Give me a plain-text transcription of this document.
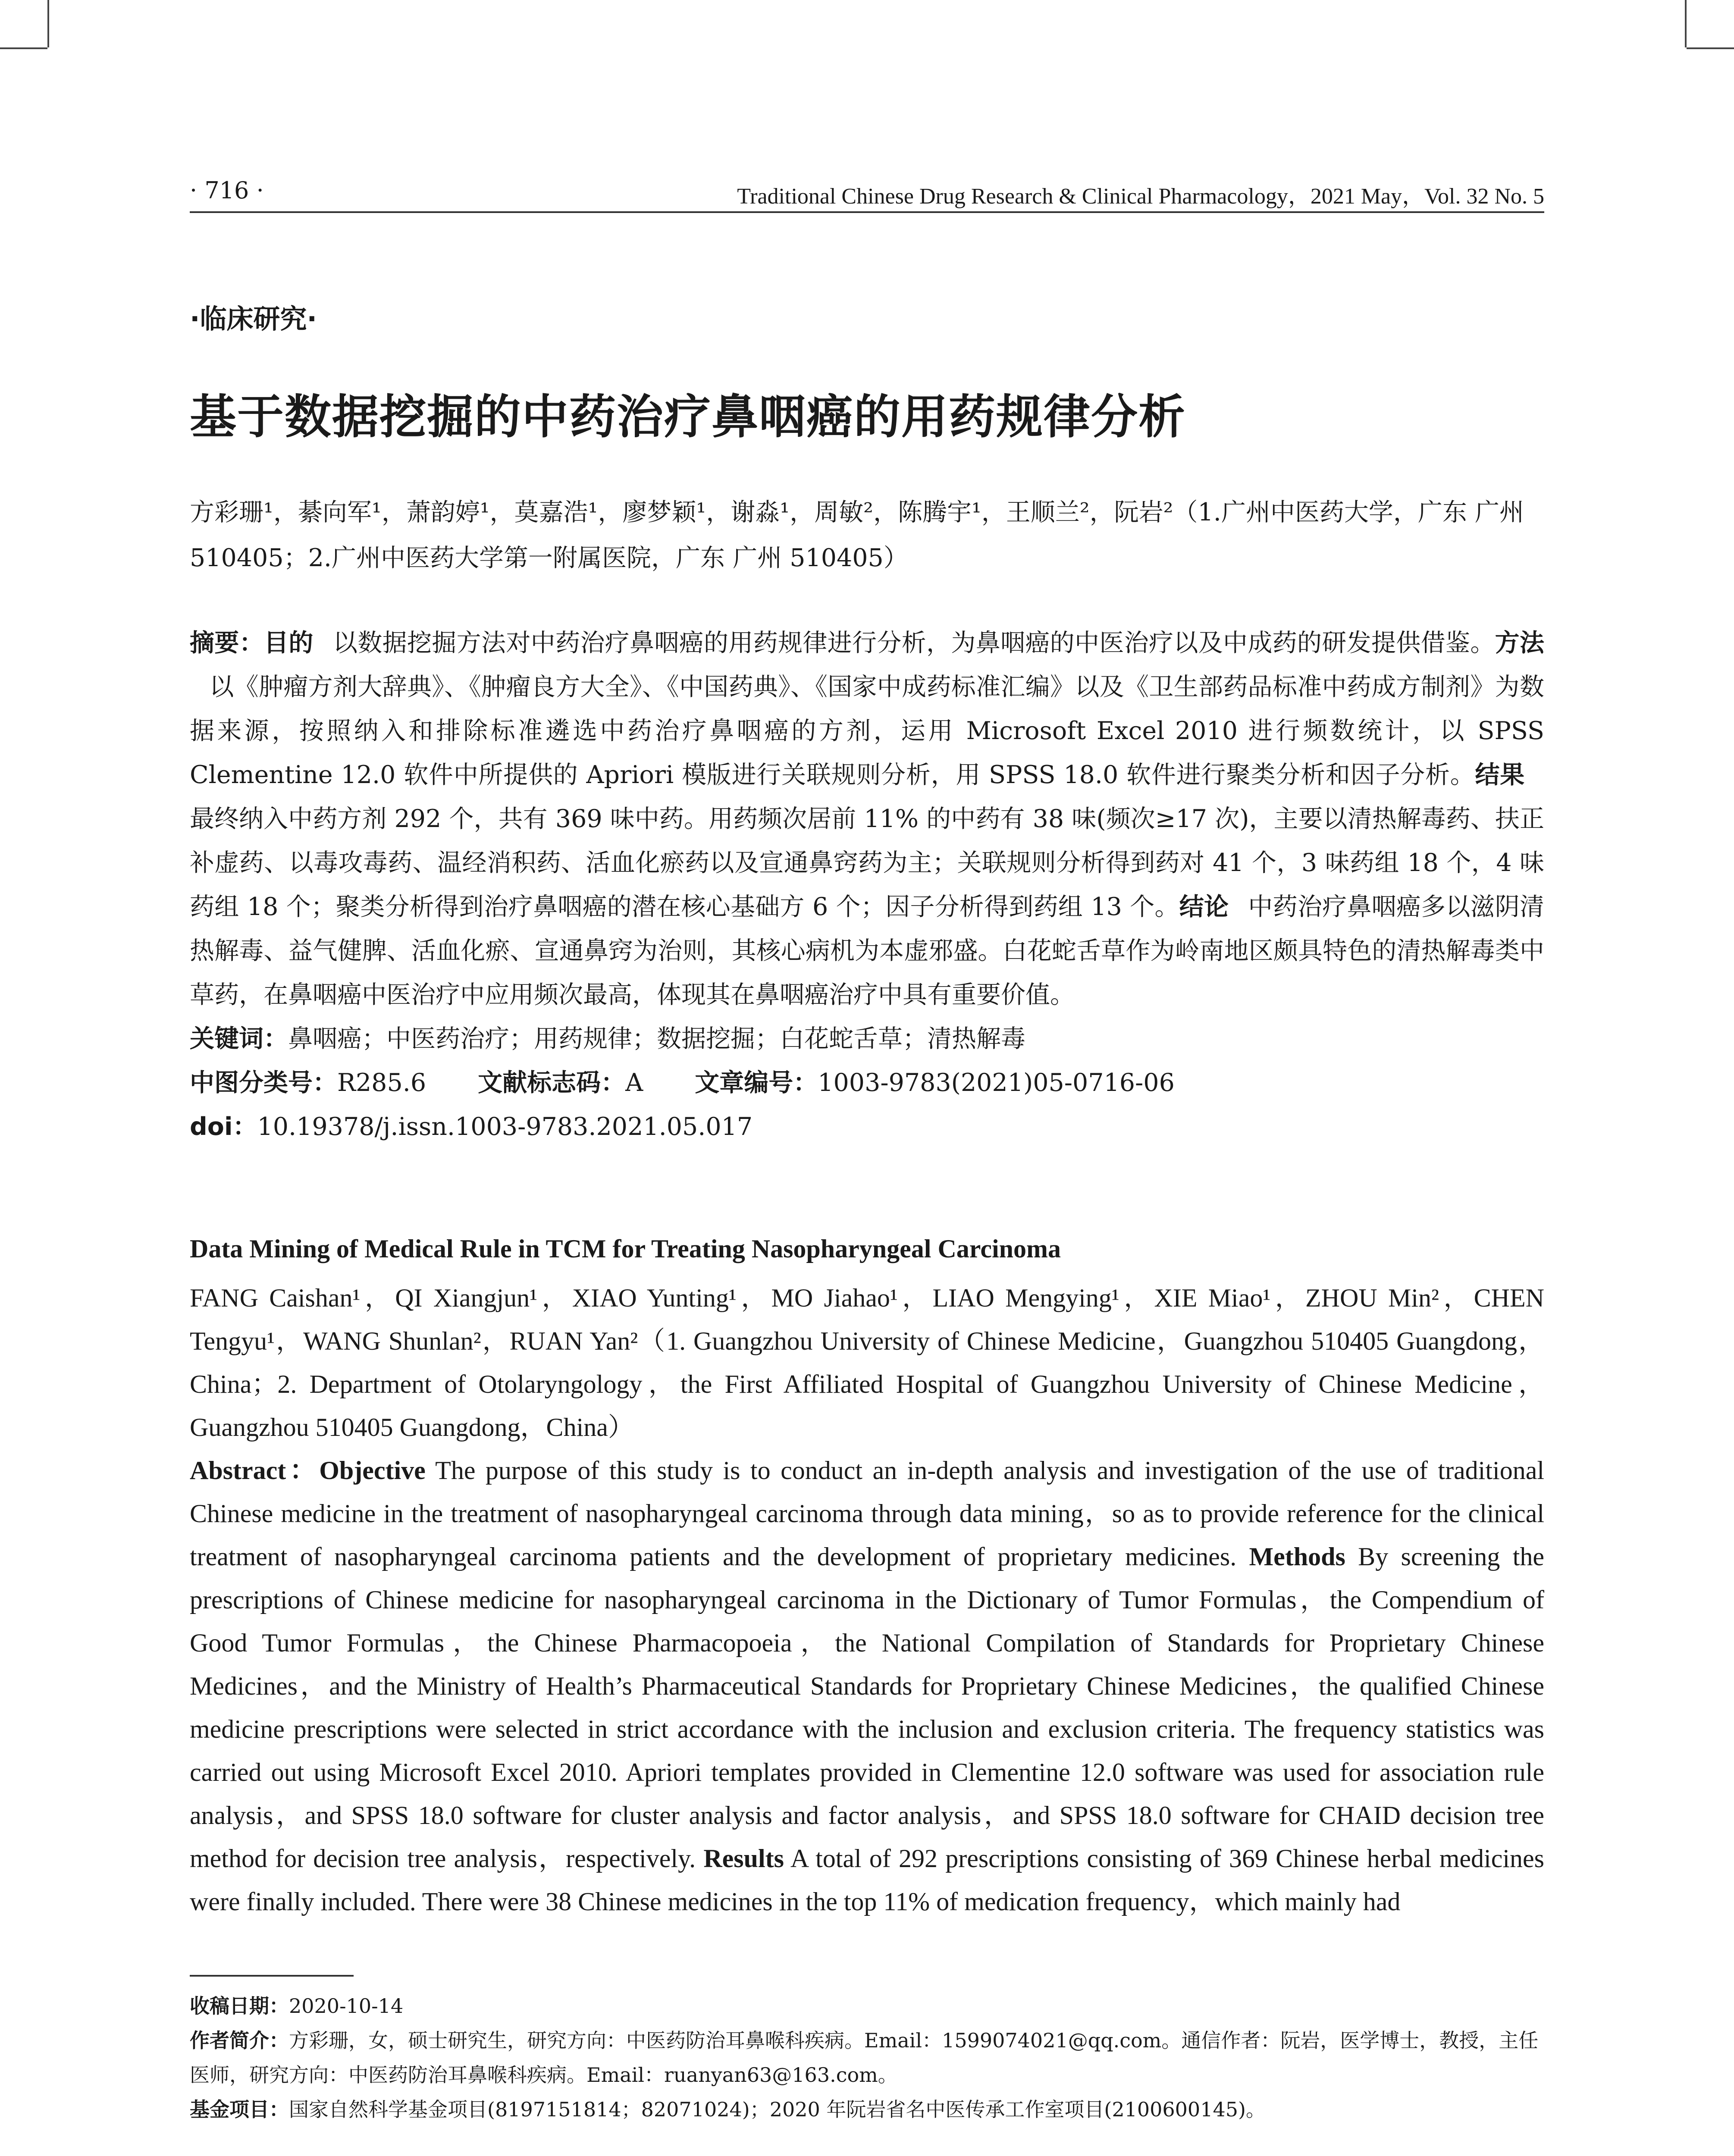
· 716 ·	Traditional Chinese Drug Research & Clinical Pharmacology，2021 May，Vol. 32 No. 5
·临床研究·
基于数据挖掘的中药治疗鼻咽癌的用药规律分析
方彩珊¹，綦向军¹，萧韵婷¹，莫嘉浩¹，廖梦颖¹，谢淼¹，周敏²，陈腾宇¹，王顺兰²，阮岩²（1.广州中医药大学，广东 广州 510405；2.广州中医药大学第一附属医院，广东 广州 510405）
摘要：目的 以数据挖掘方法对中药治疗鼻咽癌的用药规律进行分析，为鼻咽癌的中医治疗以及中成药的研发提供借鉴。方法以《肿瘤方剂大辞典》、《肿瘤良方大全》、《中国药典》、《国家中成药标准汇编》以及《卫生部药品标准中药成方制剂》为数据来源，按照纳入和排除标准遴选中药治疗鼻咽癌的方剂，运用 Microsoft Excel 2010 进行频数统计，以 SPSS Clementine 12.0 软件中所提供的 Apriori 模版进行关联规则分析，用 SPSS 18.0 软件进行聚类分析和因子分析。结果最终纳入中药方剂 292 个，共有 369 味中药。用药频次居前 11% 的中药有 38 味(频次≥17 次)，主要以清热解毒药、扶正补虚药、以毒攻毒药、温经消积药、活血化瘀药以及宣通鼻窍药为主；关联规则分析得到药对 41 个，3 味药组 18 个，4 味药组 18 个；聚类分析得到治疗鼻咽癌的潜在核心基础方 6 个；因子分析得到药组 13 个。结论 中药治疗鼻咽癌多以滋阴清热解毒、益气健脾、活血化瘀、宣通鼻窍为治则，其核心病机为本虚邪盛。白花蛇舌草作为岭南地区颇具特色的清热解毒类中草药，在鼻咽癌中医治疗中应用频次最高，体现其在鼻咽癌治疗中具有重要价值。
关键词：鼻咽癌；中医药治疗；用药规律；数据挖掘；白花蛇舌草；清热解毒
中图分类号：R285.6 文献标志码：A 文章编号：1003-9783(2021)05-0716-06
doi：10.19378/j.issn.1003-9783.2021.05.017
Data Mining of Medical Rule in TCM for Treating Nasopharyngeal Carcinoma
FANG Caishan¹，QI Xiangjun¹，XIAO Yunting¹，MO Jiahao¹，LIAO Mengying¹，XIE Miao¹，ZHOU Min²，CHEN Tengyu¹，WANG Shunlan²，RUAN Yan²（1. Guangzhou University of Chinese Medicine，Guangzhou 510405 Guangdong，China；2. Department of Otolaryngology，the First Affiliated Hospital of Guangzhou University of Chinese Medicine，Guangzhou 510405 Guangdong，China）
Abstract：Objective The purpose of this study is to conduct an in-depth analysis and investigation of the use of traditional Chinese medicine in the treatment of nasopharyngeal carcinoma through data mining，so as to provide reference for the clinical treatment of nasopharyngeal carcinoma patients and the development of proprietary medicines. Methods By screening the prescriptions of Chinese medicine for nasopharyngeal carcinoma in the Dictionary of Tumor Formulas，the Compendium of Good Tumor Formulas，the Chinese Pharmacopoeia，the National Compilation of Standards for Proprietary Chinese Medicines，and the Ministry of Health’s Pharmaceutical Standards for Proprietary Chinese Medicines，the qualified Chinese medicine prescriptions were selected in strict accordance with the inclusion and exclusion criteria. The frequency statistics was carried out using Microsoft Excel 2010. Apriori templates provided in Clementine 12.0 software was used for association rule analysis，and SPSS 18.0 software for cluster analysis and factor analysis，and SPSS 18.0 software for CHAID decision tree method for decision tree analysis，respectively. Results A total of 292 prescriptions consisting of 369 Chinese herbal medicines were finally included. There were 38 Chinese medicines in the top 11% of medication frequency，which mainly had
收稿日期：2020-10-14
作者简介：方彩珊，女，硕士研究生，研究方向：中医药防治耳鼻喉科疾病。Email：1599074021@qq.com。通信作者：阮岩，医学博士，教授，主任医师，研究方向：中医药防治耳鼻喉科疾病。Email：ruanyan63@163.com。
基金项目：国家自然科学基金项目(8197151814；82071024)；2020 年阮岩省名中医传承工作室项目(2100600145)。
